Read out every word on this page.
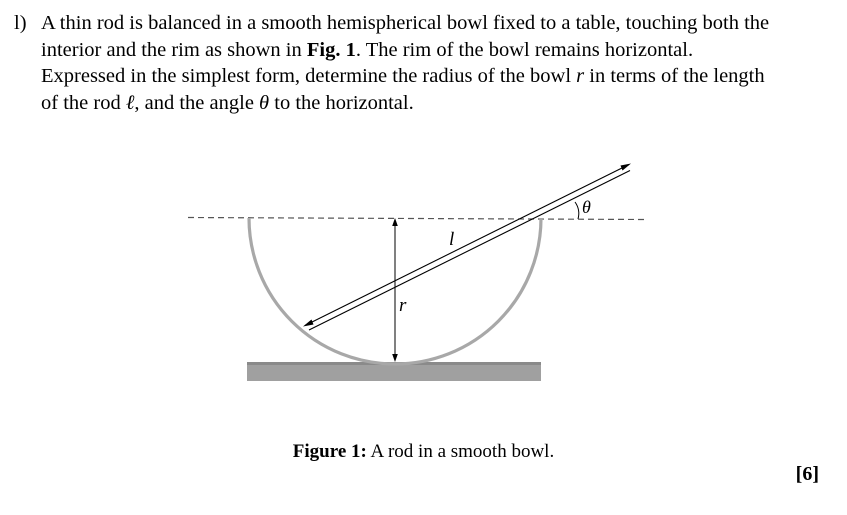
l) A thin rod is balanced in a smooth hemispherical bowl fixed to a table, touching both the
interior and the rim as shown in Fig. 1. The rim of the bowl remains horizontal.
Expressed in the simplest form, determine the radius of the bowl r in terms of the length
of the rod ℓ, and the angle θ to the horizontal.
l
r
θ
Figure 1: A rod in a smooth bowl.
[6]
